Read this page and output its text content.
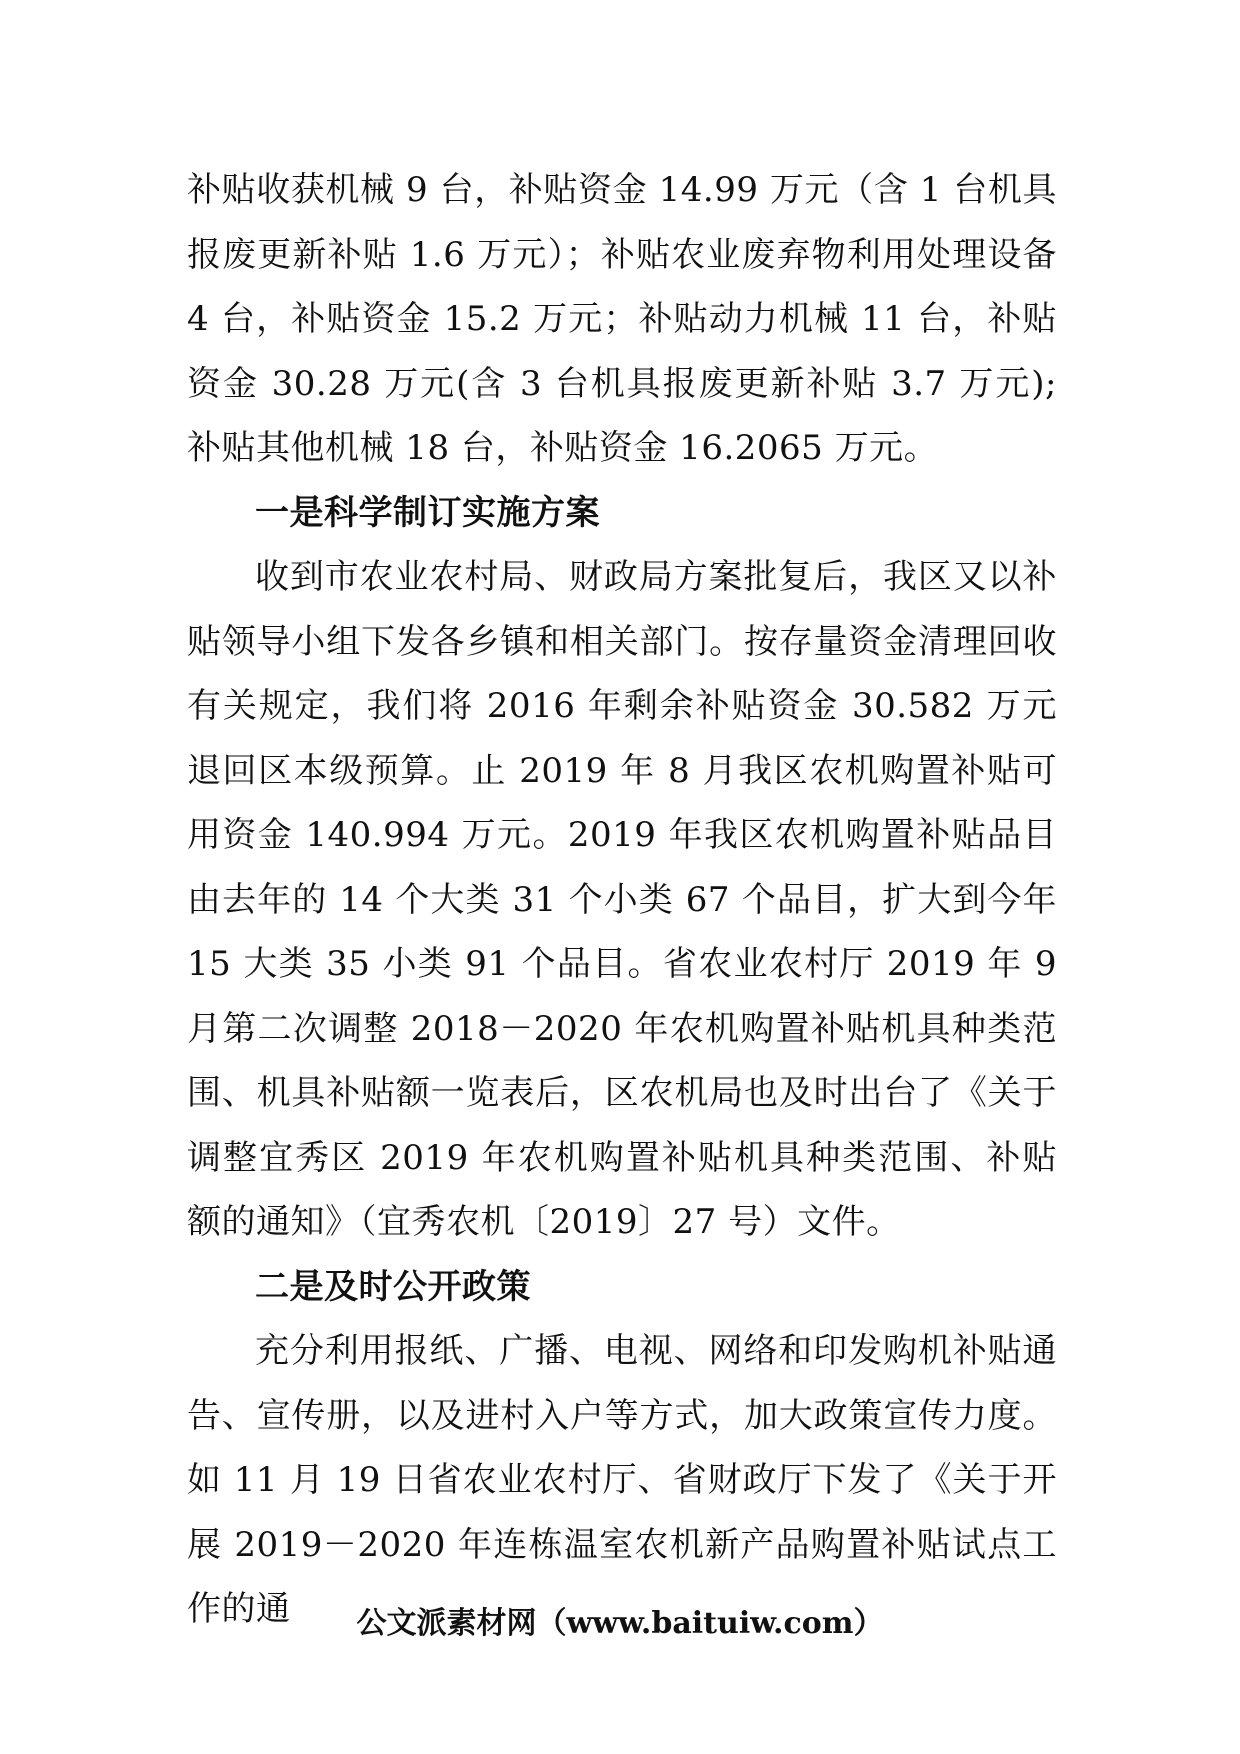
补贴收获机械 9 台，补贴资金 14.99 万元（含 1 台机具报废更新补贴 1.6 万元）；补贴农业废弃物利用处理设备 4 台，补贴资金 15.2 万元；补贴动力机械 11 台，补贴资金 30.28 万元(含 3 台机具报废更新补贴 3.7 万元);补贴其他机械 18 台，补贴资金 16.2065 万元。

一是科学制订实施方案

收到市农业农村局、财政局方案批复后，我区又以补贴领导小组下发各乡镇和相关部门。按存量资金清理回收有关规定，我们将 2016 年剩余补贴资金 30.582 万元退回区本级预算。止 2019 年 8 月我区农机购置补贴可用资金 140.994 万元。2019 年我区农机购置补贴品目由去年的 14 个大类 31 个小类 67 个品目，扩大到今年 15 大类 35 小类 91 个品目。省农业农村厅 2019 年 9 月第二次调整 2018－2020 年农机购置补贴机具种类范围、机具补贴额一览表后，区农机局也及时出台了《关于调整宜秀区 2019 年农机购置补贴机具种类范围、补贴额的通知》（宜秀农机〔2019〕27 号）文件。

二是及时公开政策

充分利用报纸、广播、电视、网络和印发购机补贴通告、宣传册，以及进村入户等方式，加大政策宣传力度。如 11 月 19 日省农业农村厅、省财政厅下发了《关于开展 2019－2020 年连栋温室农机新产品购置补贴试点工作的通	公文派素材网（www.baituiw.com）
